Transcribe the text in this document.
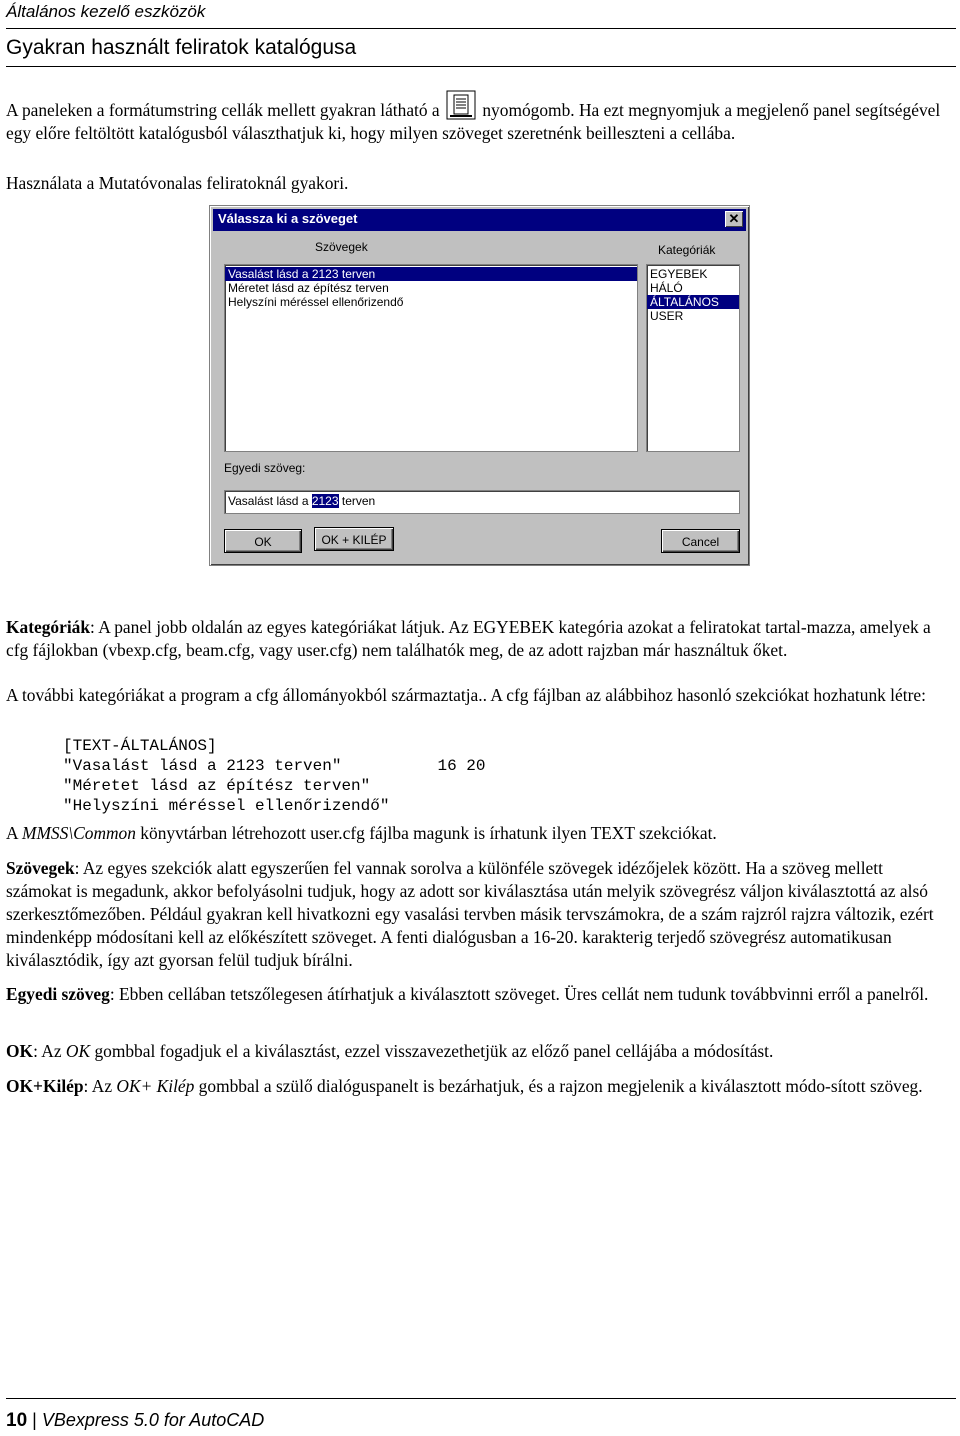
Általános kezelő eszközök
Gyakran használt feliratok katalógusa
A paneleken a formátumstring cellák mellett gyakran látható a nyomógomb. Ha ezt megnyomjuk a megjelenő panel segítségével egy előre feltöltött katalógusból választhatjuk ki, hogy milyen szöveget szeretnénk beilleszteni a cellába.
Használata a Mutatóvonalas feliratoknál gyakori.
Válassza ki a szöveget	✕
Szövegek	Kategóriák
Vasalást lásd a 2123 terven
Méretet lásd az építész terven
Helyszíni méréssel ellenőrizendő
EGYEBEK
HÁLÓ
ÁLTALÁNOS
USER
Egyedi szöveg:
Vasalást lásd a 2123 terven
OK	OK + KILÉP	Cancel
Kategóriák: A panel jobb oldalán az egyes kategóriákat látjuk. Az EGYEBEK kategória azokat a feliratokat tartal-mazza, amelyek a cfg fájlokban (vbexp.cfg, beam.cfg, vagy user.cfg) nem találhatók meg, de az adott rajzban már használtuk őket.
A további kategóriákat a program a cfg állományokból származtatja.. A cfg fájlban az alábbihoz hasonló szekciókat hozhatunk létre:
[TEXT-ÁLTALÁNOS]
"Vasalást lásd a 2123 terven"          16 20
"Méretet lásd az építész terven"
"Helyszíni méréssel ellenőrizendő"
A MMSS\Common könyvtárban létrehozott user.cfg fájlba magunk is írhatunk ilyen TEXT szekciókat.
Szövegek: Az egyes szekciók alatt egyszerűen fel vannak sorolva a különféle szövegek idézőjelek között. Ha a szöveg mellett számokat is megadunk, akkor befolyásolni tudjuk, hogy az adott sor kiválasztása után melyik szövegrész váljon kiválasztottá az alsó szerkesztőmezőben. Például gyakran kell hivatkozni egy vasalási tervben másik tervszámokra, de a szám rajzról rajzra változik, ezért mindenképp módosítani kell az előkészített szöveget. A fenti dialógusban a 16-20. karakterig terjedő szövegrész automatikusan kiválasztódik, így azt gyorsan felül tudjuk bírálni.
Egyedi szöveg: Ebben cellában tetszőlegesen átírhatjuk a kiválasztott szöveget. Üres cellát nem tudunk továbbvinni erről a panelről.
OK: Az OK gombbal fogadjuk el a kiválasztást, ezzel visszavezethetjük az előző panel cellájába a módosítást.
OK+Kilép: Az OK+ Kilép gombbal a szülő dialóguspanelt is bezárhatjuk, és a rajzon megjelenik a kiválasztott módo-sított szöveg.
10 | VBexpress 5.0 for AutoCAD
